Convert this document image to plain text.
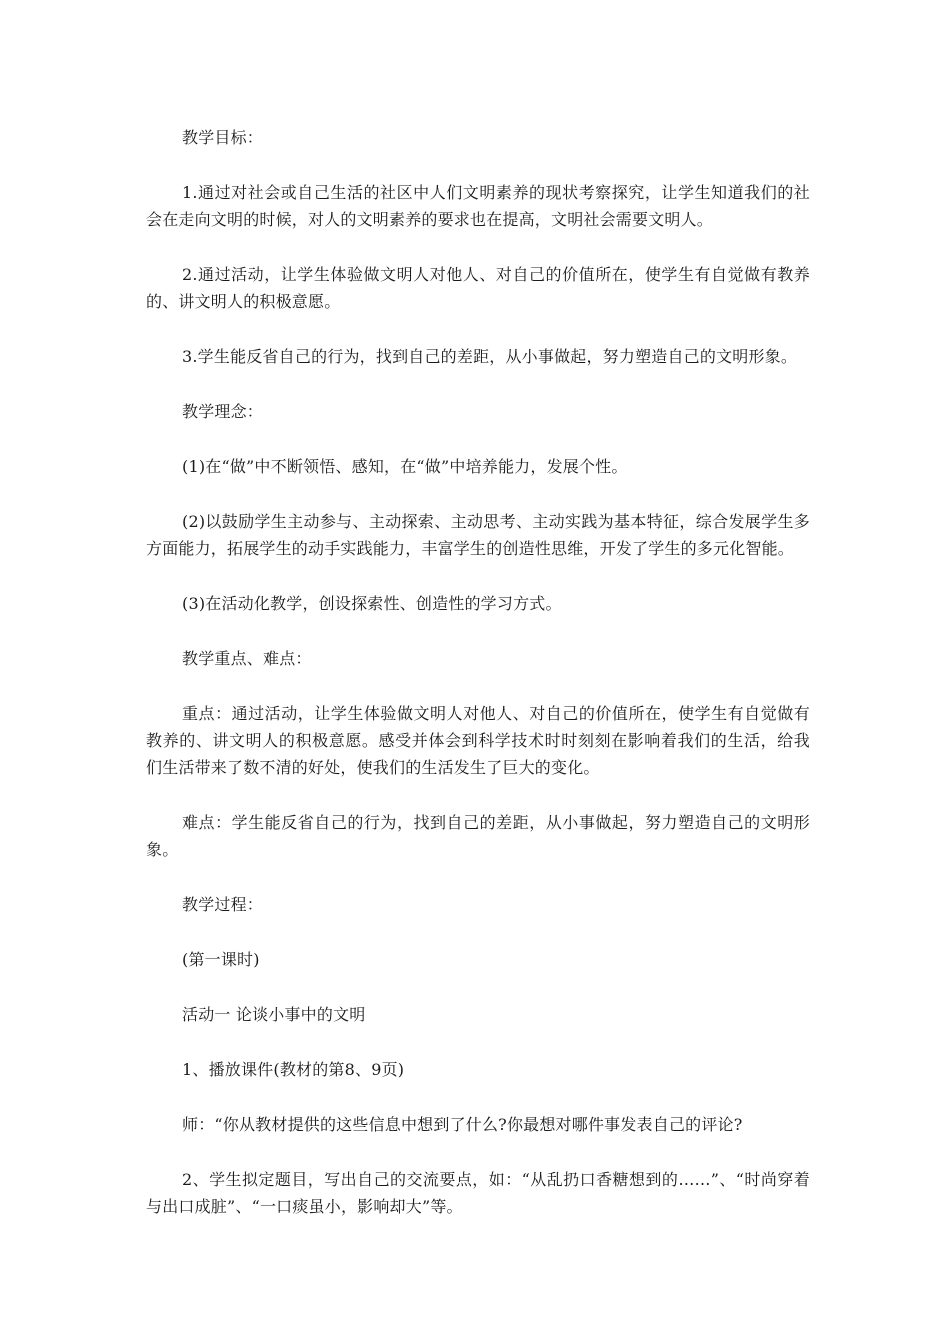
教学目标：

1.通过对社会或自己生活的社区中人们文明素养的现状考察探究，让学生知道我们的社会在走向文明的时候，对人的文明素养的要求也在提高，文明社会需要文明人。

2.通过活动，让学生体验做文明人对他人、对自己的价值所在，使学生有自觉做有教养的、讲文明人的积极意愿。

3.学生能反省自己的行为，找到自己的差距，从小事做起，努力塑造自己的文明形象。

教学理念：

(1)在“做”中不断领悟、感知，在“做”中培养能力，发展个性。

(2)以鼓励学生主动参与、主动探索、主动思考、主动实践为基本特征，综合发展学生多方面能力，拓展学生的动手实践能力，丰富学生的创造性思维，开发了学生的多元化智能。

(3)在活动化教学，创设探索性、创造性的学习方式。

教学重点、难点：

重点：通过活动，让学生体验做文明人对他人、对自己的价值所在，使学生有自觉做有教养的、讲文明人的积极意愿。感受并体会到科学技术时时刻刻在影响着我们的生活，给我们生活带来了数不清的好处，使我们的生活发生了巨大的变化。

难点：学生能反省自己的行为，找到自己的差距，从小事做起，努力塑造自己的文明形象。

教学过程：

(第一课时)

活动一 论谈小事中的文明

1、播放课件(教材的第8、9页)

师：“你从教材提供的这些信息中想到了什么?你最想对哪件事发表自己的评论?

2、学生拟定题目，写出自己的交流要点，如：“从乱扔口香糖想到的……”、“时尚穿着与出口成脏”、“一口痰虽小，影响却大”等。
